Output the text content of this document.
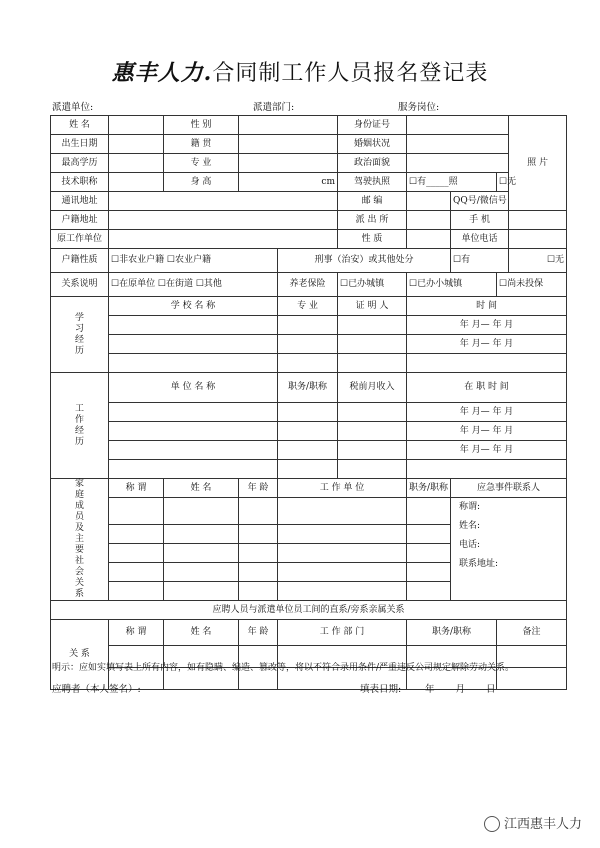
惠丰人力.合同制工作人员报名登记表
派遣单位:	派遣部门:	服务岗位:
姓 名		性 别			身份证号				照 片
出生日期		籍 贯			婚姻状况				
最高学历		专 业			政治面貌				
技术职称		身 高	cm		驾驶执照	☐有_____照		☐无	
通讯地址					邮 编		QQ号/微信号		
户籍地址					派 出 所		手 机		
原工作单位					性 质		单位电话		
户籍性质	☐非农业户籍 ☐农业户籍			刑事（治安）或其他处分			☐有		☐无
关系说明	☐在原单位 ☐在街道 ☐其他			养老保险	☐已办城镇	☐已办小城镇		☐尚未投保	
学习经历	学 校 名 称			专 业	证 明 人	时 间			
						年 月— 年 月			
						年 月— 年 月			

工作经历	单 位 名 称			职务/职称	税前月收入	在 职 时 间			
						年 月— 年 月			
						年 月— 年 月			
						年 月— 年 月			

家庭成员及主要社会关系	称 谓	姓 名	年 龄	工 作 单 位		职务/职称	应急事件联系人		

							称谓:
姓名:
电话:
联系地址:		

应聘人员与派遣单位员工间的直系/旁系亲属关系									
关 系	称 谓	姓 名	年 龄	工 作 部 门		职务/职称		备注	

明示：应如实填写表上所有内容，如有隐瞒、编造、篡改等，将以不符合录用条件/严重违反公司规定解除劳动关系。
应聘者（本人签名）:	填表日期:	年 月 日
江西惠丰人力
